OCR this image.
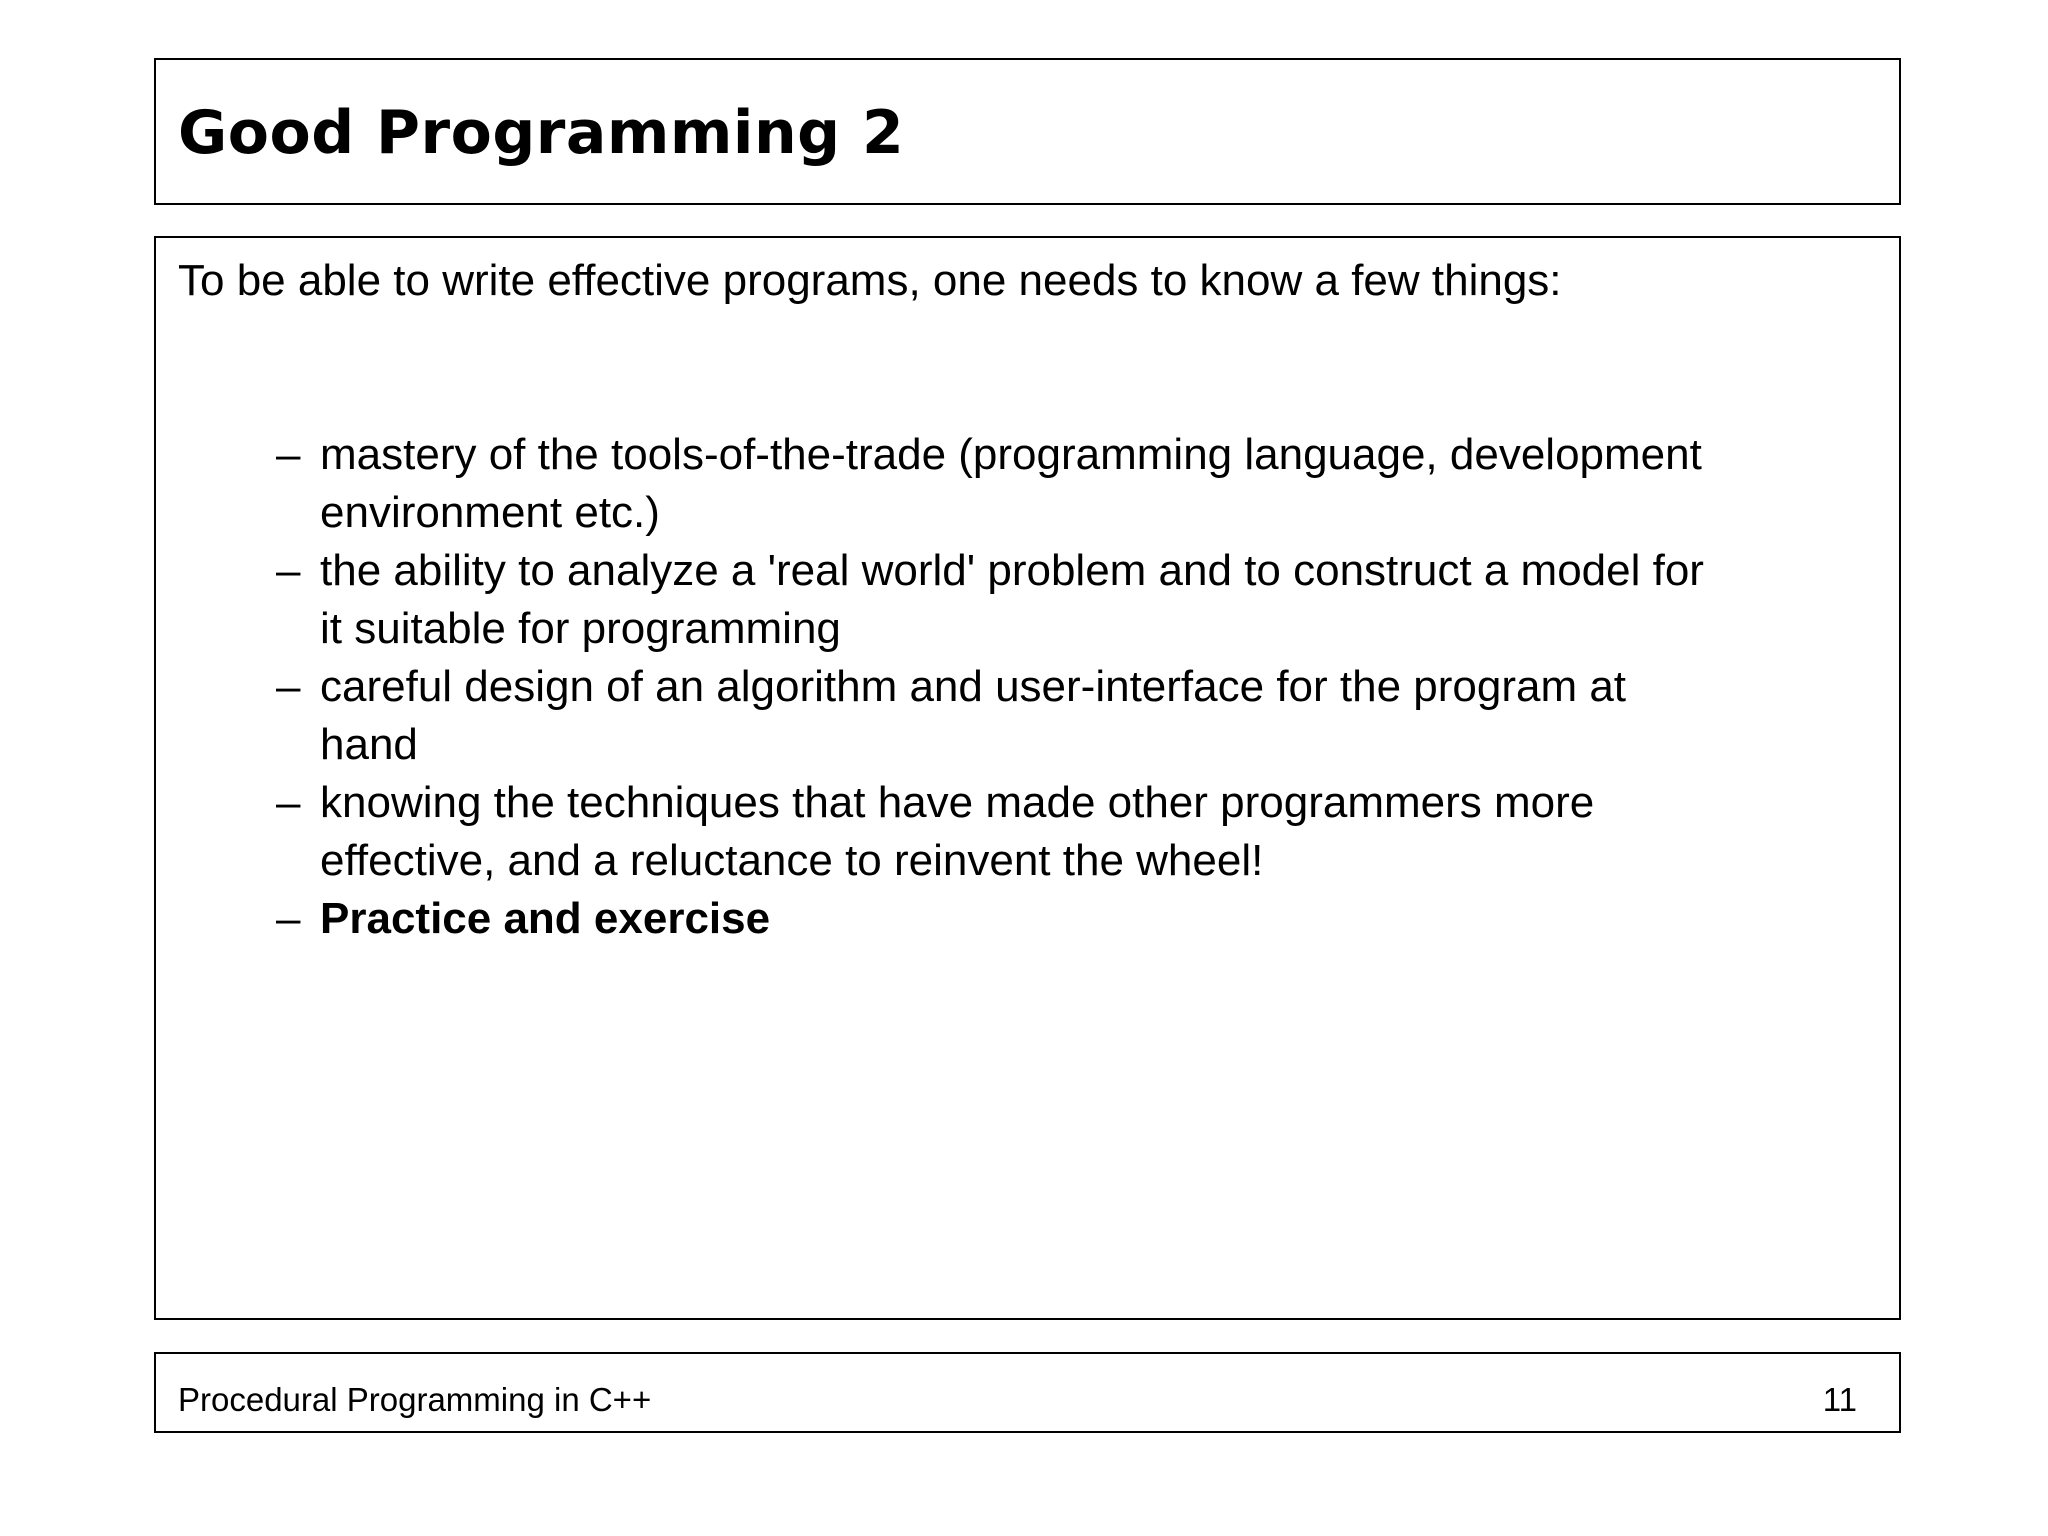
Good Programming 2

To be able to write effective programs, one needs to know a few things:

– mastery of the tools-of-the-trade (programming language, development environment etc.)
– the ability to analyze a 'real world' problem and to construct a model for it suitable for programming
– careful design of an algorithm and user-interface for the program at hand
– knowing the techniques that have made other programmers more effective, and a reluctance to reinvent the wheel!
– Practice and exercise

Procedural Programming in C++	11
